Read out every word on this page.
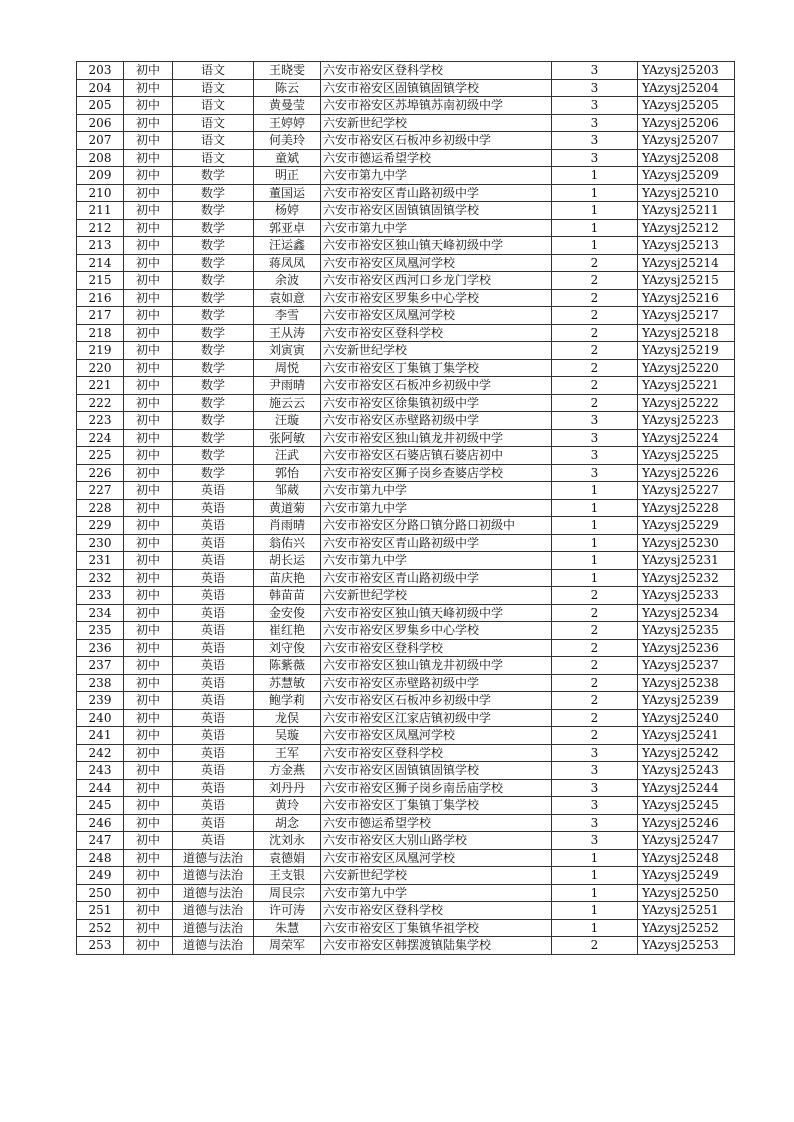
203	初中	语文	王晓雯	六安市裕安区登科学校	3	YAzysj25203
204	初中	语文	陈云	六安市裕安区固镇镇固镇学校	3	YAzysj25204
205	初中	语文	黄曼莹	六安市裕安区苏埠镇苏南初级中学	3	YAzysj25205
206	初中	语文	王婷婷	六安新世纪学校	3	YAzysj25206
207	初中	语文	何美玲	六安市裕安区石板冲乡初级中学	3	YAzysj25207
208	初中	语文	童斌	六安市德运希望学校	3	YAzysj25208
209	初中	数学	明正	六安市第九中学	1	YAzysj25209
210	初中	数学	董国运	六安市裕安区青山路初级中学	1	YAzysj25210
211	初中	数学	杨婷	六安市裕安区固镇镇固镇学校	1	YAzysj25211
212	初中	数学	郭亚卓	六安市第九中学	1	YAzysj25212
213	初中	数学	汪运鑫	六安市裕安区独山镇天峰初级中学	1	YAzysj25213
214	初中	数学	蒋凤凤	六安市裕安区凤凰河学校	2	YAzysj25214
215	初中	数学	余波	六安市裕安区西河口乡龙门学校	2	YAzysj25215
216	初中	数学	袁如意	六安市裕安区罗集乡中心学校	2	YAzysj25216
217	初中	数学	李雪	六安市裕安区凤凰河学校	2	YAzysj25217
218	初中	数学	王从涛	六安市裕安区登科学校	2	YAzysj25218
219	初中	数学	刘寅寅	六安新世纪学校	2	YAzysj25219
220	初中	数学	周悦	六安市裕安区丁集镇丁集学校	2	YAzysj25220
221	初中	数学	尹雨晴	六安市裕安区石板冲乡初级中学	2	YAzysj25221
222	初中	数学	施云云	六安市裕安区徐集镇初级中学	2	YAzysj25222
223	初中	数学	汪璇	六安市裕安区赤壁路初级中学	3	YAzysj25223
224	初中	数学	张阿敏	六安市裕安区独山镇龙井初级中学	3	YAzysj25224
225	初中	数学	汪武	六安市裕安区石婆店镇石婆店初中	3	YAzysj25225
226	初中	数学	郭怡	六安市裕安区狮子岗乡查婆店学校	3	YAzysj25226
227	初中	英语	邹葳	六安市第九中学	1	YAzysj25227
228	初中	英语	黄道菊	六安市第九中学	1	YAzysj25228
229	初中	英语	肖雨晴	六安市裕安区分路口镇分路口初级中	1	YAzysj25229
230	初中	英语	翁佑兴	六安市裕安区青山路初级中学	1	YAzysj25230
231	初中	英语	胡长运	六安市第九中学	1	YAzysj25231
232	初中	英语	苗庆艳	六安市裕安区青山路初级中学	1	YAzysj25232
233	初中	英语	韩苗苗	六安新世纪学校	2	YAzysj25233
234	初中	英语	金安俊	六安市裕安区独山镇天峰初级中学	2	YAzysj25234
235	初中	英语	崔红艳	六安市裕安区罗集乡中心学校	2	YAzysj25235
236	初中	英语	刘守俊	六安市裕安区登科学校	2	YAzysj25236
237	初中	英语	陈紫薇	六安市裕安区独山镇龙井初级中学	2	YAzysj25237
238	初中	英语	苏慧敏	六安市裕安区赤壁路初级中学	2	YAzysj25238
239	初中	英语	鲍学莉	六安市裕安区石板冲乡初级中学	2	YAzysj25239
240	初中	英语	龙俣	六安市裕安区江家店镇初级中学	2	YAzysj25240
241	初中	英语	吴璇	六安市裕安区凤凰河学校	2	YAzysj25241
242	初中	英语	王军	六安市裕安区登科学校	3	YAzysj25242
243	初中	英语	方金燕	六安市裕安区固镇镇固镇学校	3	YAzysj25243
244	初中	英语	刘丹丹	六安市裕安区狮子岗乡南岳庙学校	3	YAzysj25244
245	初中	英语	黄玲	六安市裕安区丁集镇丁集学校	3	YAzysj25245
246	初中	英语	胡念	六安市德运希望学校	3	YAzysj25246
247	初中	英语	沈刘永	六安市裕安区大别山路学校	3	YAzysj25247
248	初中	道德与法治	袁德娟	六安市裕安区凤凰河学校	1	YAzysj25248
249	初中	道德与法治	王支银	六安新世纪学校	1	YAzysj25249
250	初中	道德与法治	周艮宗	六安市第九中学	1	YAzysj25250
251	初中	道德与法治	许可涛	六安市裕安区登科学校	1	YAzysj25251
252	初中	道德与法治	朱慧	六安市裕安区丁集镇华祖学校	1	YAzysj25252
253	初中	道德与法治	周荣军	六安市裕安区韩摆渡镇陆集学校	2	YAzysj25253
